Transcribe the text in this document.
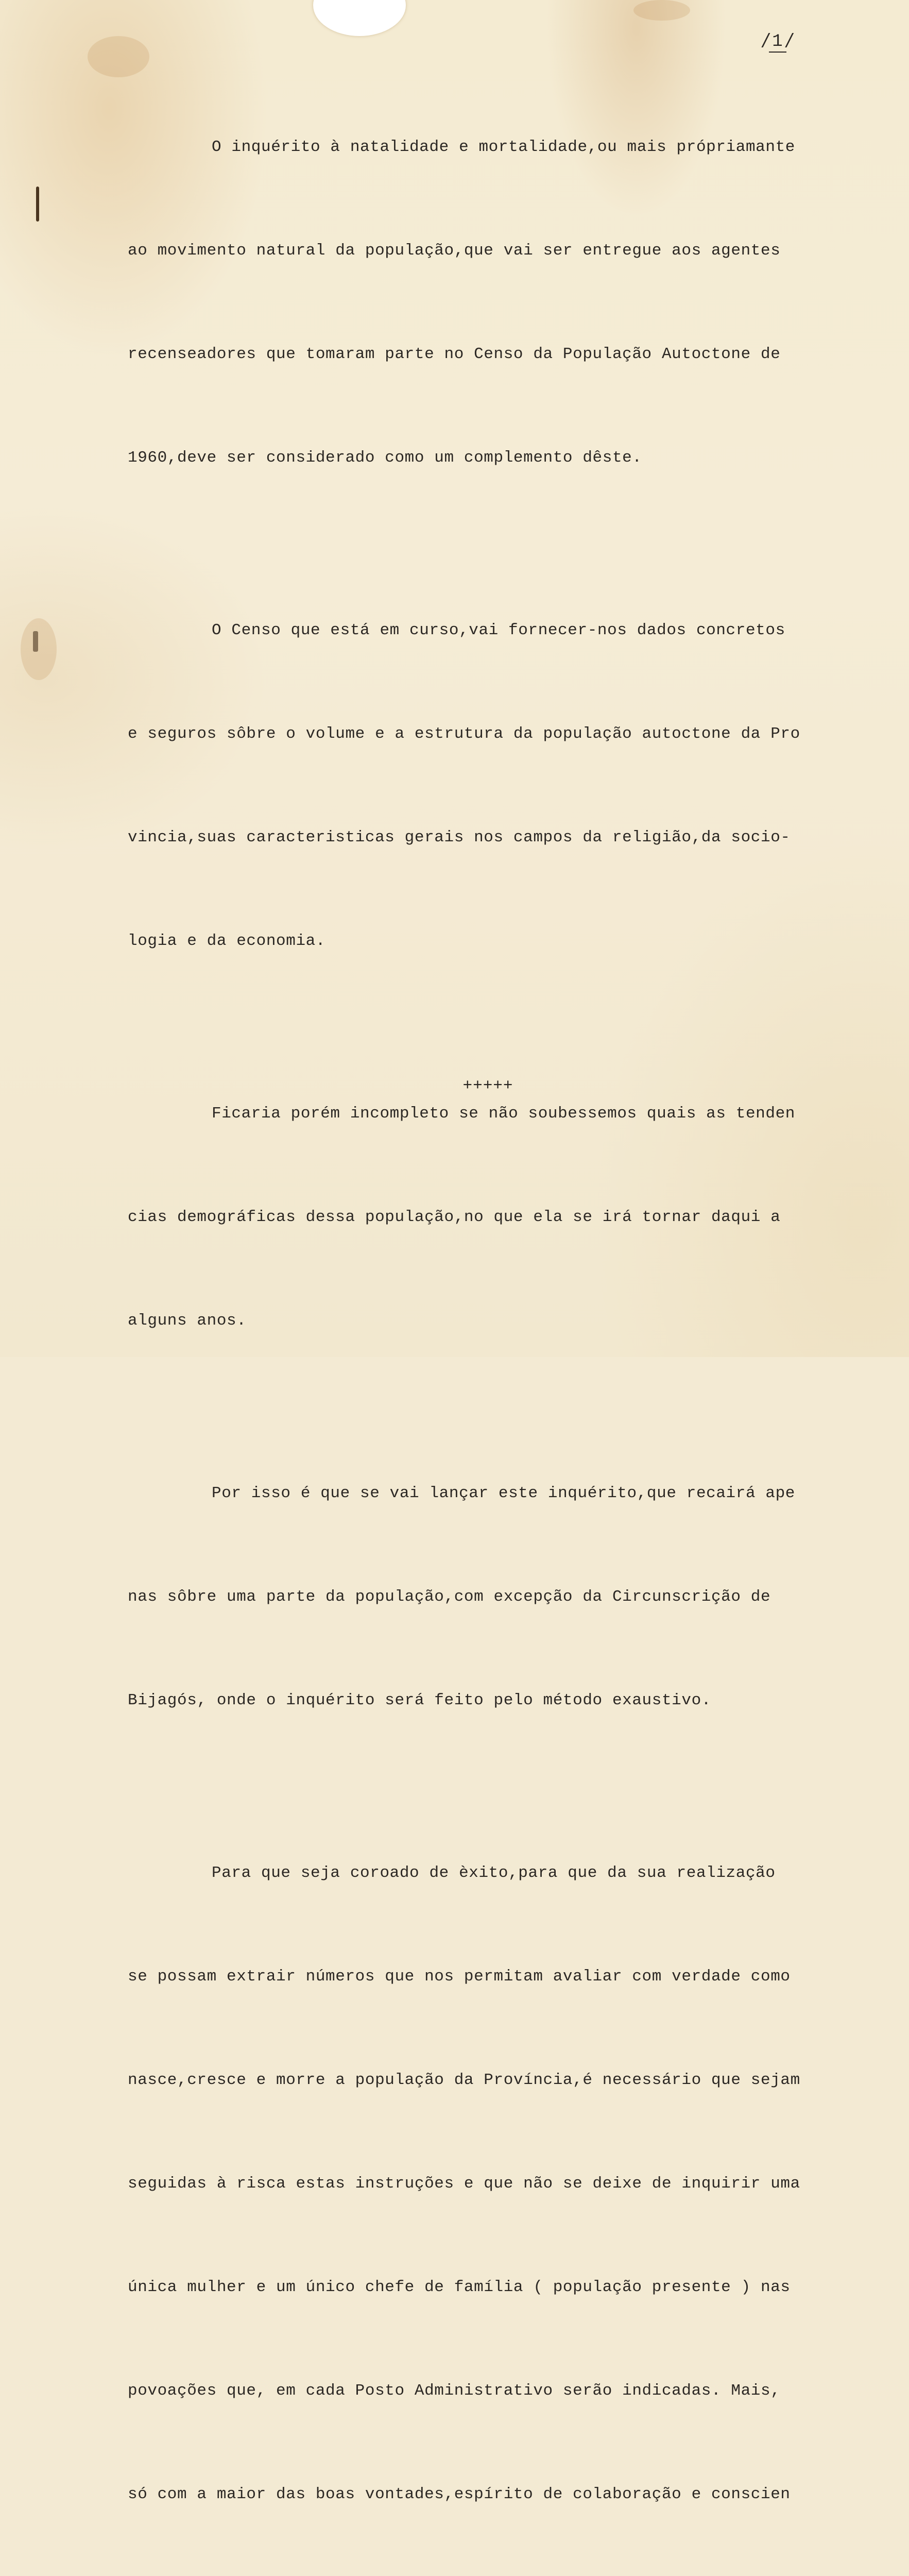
/ 1 /

O inquérito à natalidade e mortalidade,ou mais própriamante

ao movimento natural da população,que vai ser entregue aos agentes

recenseadores que tomaram parte no Censo da População Autoctone de

1960,deve ser considerado como um complemento dêste.

O Censo que está em curso,vai fornecer-nos dados concretos

e seguros sôbre o volume e a estrutura da população autoctone da Pro

vincia,suas caracteristicas gerais nos campos da religião,da socio-

logia e da economia.

Ficaria porém incompleto se não soubessemos quais as tenden

cias demográficas dessa população,no que ela se irá tornar daqui a

alguns anos.

Por isso é que se vai lançar este inquérito,que recairá ape

nas sôbre uma parte da população,com excepção da Circunscrição de

Bijagós, onde o inquérito será feito pelo método exaustivo.

Para que seja coroado de èxito,para que da sua realização

se possam extrair números que nos permitam avaliar com verdade como

nasce,cresce e morre a população da Província,é necessário que sejam

seguidas à risca estas instruções e que não se deixe de inquirir uma

única mulher e um único chefe de família ( população presente ) nas

povoações que, em cada Posto Administrativo serão indicadas. Mais,

só com a maior das boas vontades,espírito de colaboração e conscien

+++++
